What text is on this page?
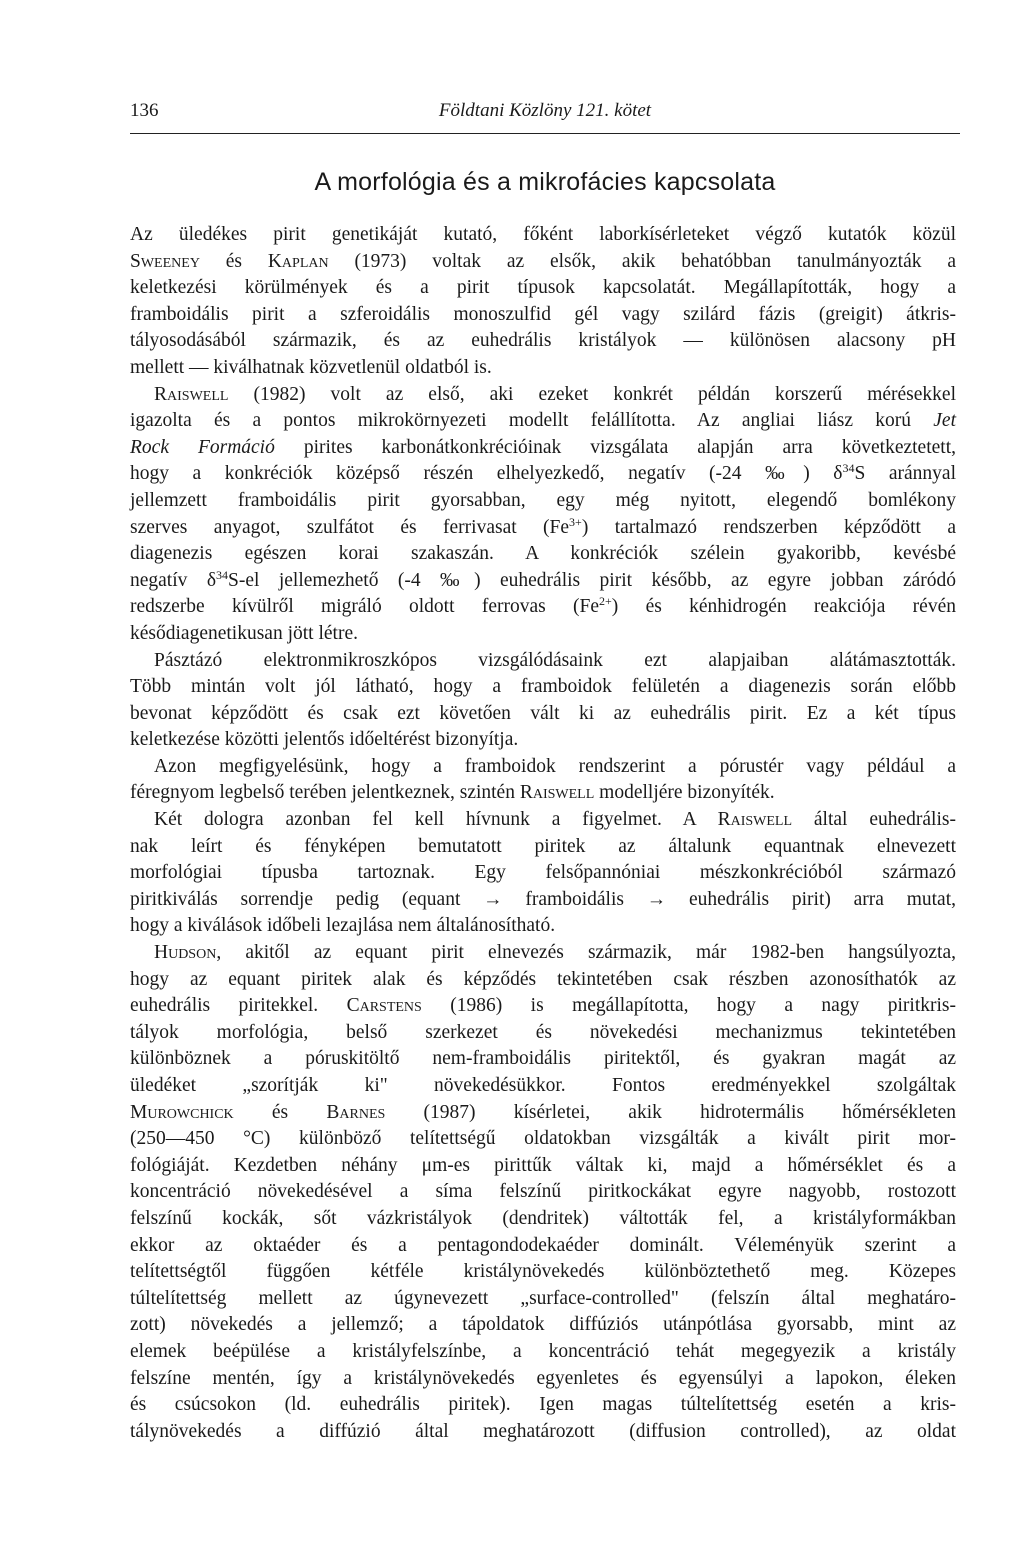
136	Földtani Közlöny 121. kötet
A morfológia és a mikrofácies kapcsolata
Az üledékes pirit genetikáját kutató, főként laborkísérleteket végző kutatók közül
Sweeney és Kaplan (1973) voltak az elsők, akik behatóbban tanulmányozták a
keletkezési körülmények és a pirit típusok kapcsolatát. Megállapították, hogy a
framboidális pirit a szferoidális monoszulfid gél vagy szilárd fázis (greigit) átkris-
tályosodásából származik, és az euhedrális kristályok — különösen alacsony pH
mellett — kiválhatnak közvetlenül oldatból is.
Raiswell (1982) volt az első, aki ezeket konkrét példán korszerű mérésekkel
igazolta és a pontos mikrokörnyezeti modellt felállította. Az angliai liász korú Jet
Rock Formáció pirites karbonátkonkrécióinak vizsgálata alapján arra következtetett,
hogy a konkréciók középső részén elhelyezkedő, negatív (-24 ‰) $\delta^{34}S$ aránnyal
jellemzett framboidális pirit gyorsabban, egy még nyitott, elegendő bomlékony
szerves anyagot, szulfátot és ferrivasat $(Fe^{3+})$ tartalmazó rendszerben képződött a
diagenezis egészen korai szakaszán. A konkréciók szélein gyakoribb, kevésbé
negatív $\delta^{34}S-el$ jellemezhető (-4 ‰) euhedrális pirit később, az egyre jobban záródó
redszerbe kívülről migráló oldott ferrovas $(Fe^{2+})$ és kénhidrogén reakciója révén
késődiagenetikusan jött létre.
Pásztázó elektronmikroszkópos vizsgálódásaink ezt alapjaiban alátámasztották.
Több mintán volt jól látható, hogy a framboidok felületén a diagenezis során előbb
bevonat képződött és csak ezt követően vált ki az euhedrális pirit. Ez a két típus
keletkezése közötti jelentős időeltérést bizonyítja.
Azon megfigyelésünk, hogy a framboidok rendszerint a pórustér vagy például a
féregnyom legbelső terében jelentkeznek, szintén Raiswell modelljére bizonyíték.
Két dologra azonban fel kell hívnunk a figyelmet. A Raiswell által euhedrális-
nak leírt és fényképen bemutatott piritek az általunk equantnak elnevezett
morfológiai típusba tartoznak. Egy felsőpannóniai mészkonkrécióból származó
piritkiválás sorrendje pedig (equant → framboidális → euhedrális pirit) arra mutat,
hogy a kiválások időbeli lezajlása nem általánosítható.
Hudson, akitől az equant pirit elnevezés származik, már 1982-ben hangsúlyozta,
hogy az equant piritek alak és képződés tekintetében csak részben azonosíthatók az
euhedrális piritekkel. Carstens (1986) is megállapította, hogy a nagy piritkris-
tályok morfológia, belső szerkezet és növekedési mechanizmus tekintetében
különböznek a póruskitöltő nem-framboidális piritektől, és gyakran magát az
üledéket „szorítják ki" növekedésükkor. Fontos eredményekkel szolgáltak
Murowchick és Barnes (1987) kísérletei, akik hidrotermális hőmérsékleten
(250—450 °C) különböző telítettségű oldatokban vizsgálták a kivált pirit mor-
fológiáját. Kezdetben néhány μm-es pirittűk váltak ki, majd a hőmérséklet és a
koncentráció növekedésével a síma felszínű piritkockákat egyre nagyobb, rostozott
felszínű kockák, sőt vázkristályok (dendritek) váltották fel, a kristályformákban
ekkor az oktaéder és a pentagondodekaéder dominált. Véleményük szerint a
telítettségtől függően kétféle kristálynövekedés különböztethető meg. Közepes
túltelítettség mellett az úgynevezett „surface-controlled" (felszín által meghatáro-
zott) növekedés a jellemző; a tápoldatok diffúziós utánpótlása gyorsabb, mint az
elemek beépülése a kristályfelszínbe, a koncentráció tehát megegyezik a kristály
felszíne mentén, így a kristálynövekedés egyenletes és egyensúlyi a lapokon, éleken
és csúcsokon (ld. euhedrális piritek). Igen magas túltelítettség esetén a kris-
tálynövekedés a diffúzió által meghatározott (diffusion controlled), az oldat
